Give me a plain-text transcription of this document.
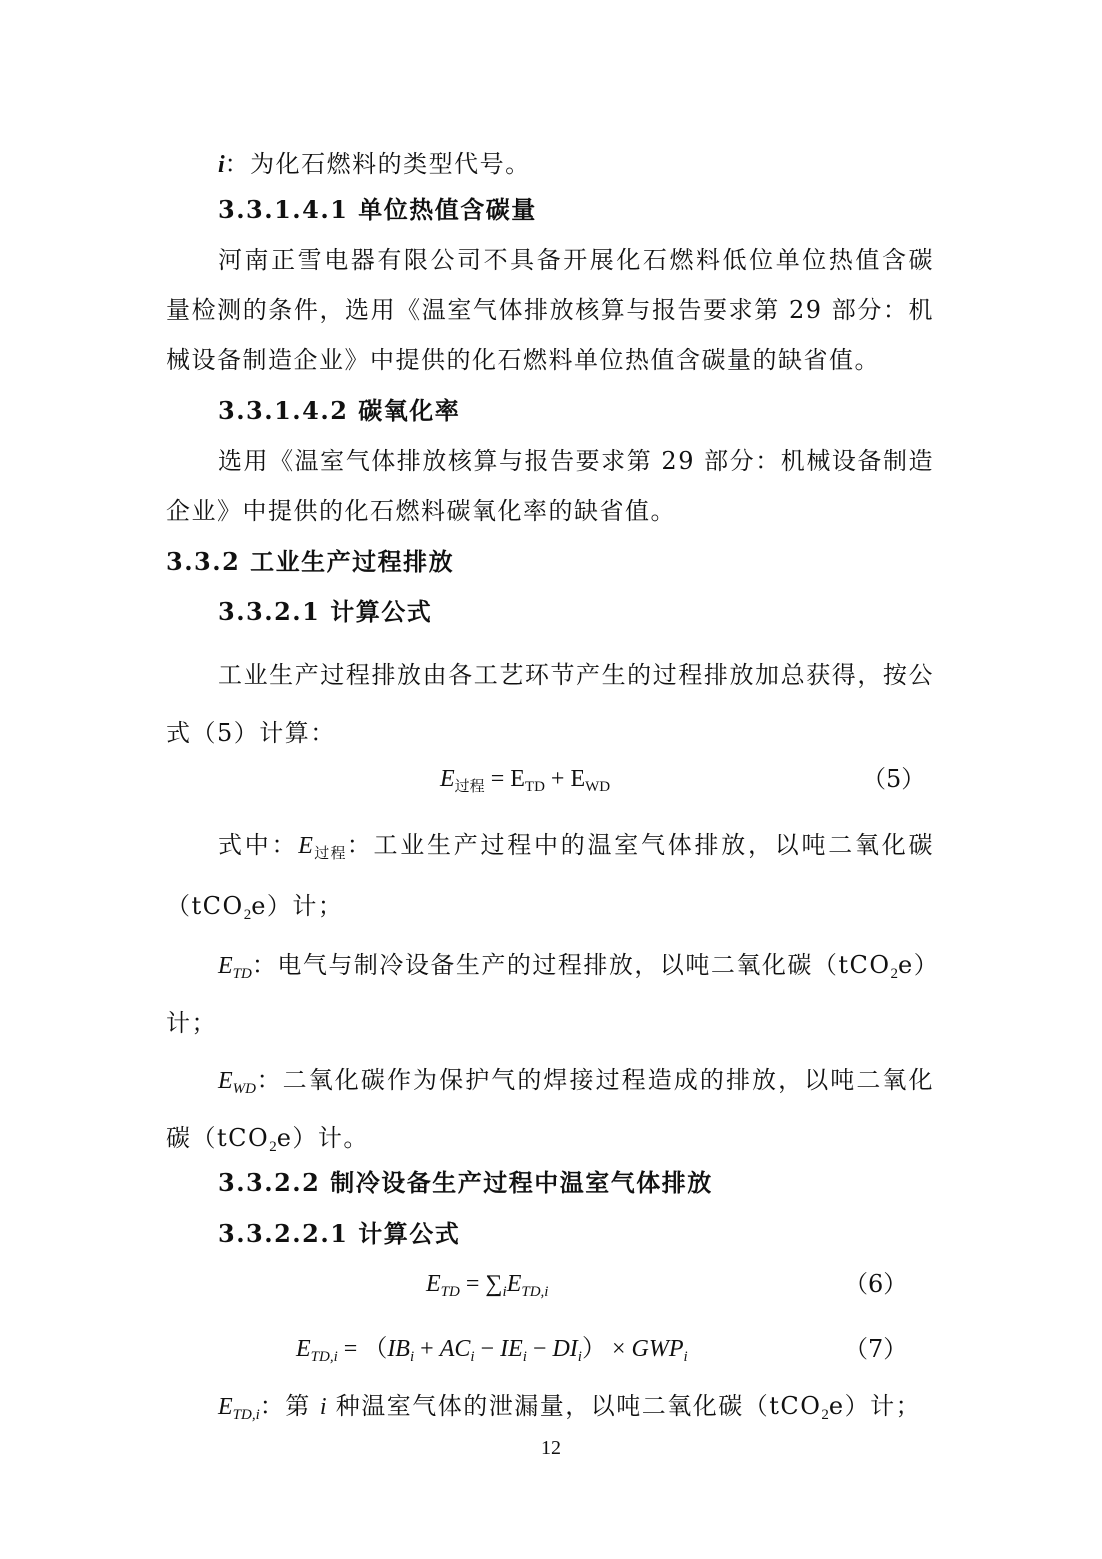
i：为化石燃料的类型代号。
3.3.1.4.1 单位热值含碳量
河南正雪电器有限公司不具备开展化石燃料低位单位热值含碳
量检测的条件，选用《温室气体排放核算与报告要求第 29 部分：机
械设备制造企业》中提供的化石燃料单位热值含碳量的缺省值。
3.3.1.4.2 碳氧化率
选用《温室气体排放核算与报告要求第 29 部分：机械设备制造
企业》中提供的化石燃料碳氧化率的缺省值。
3.3.2 工业生产过程排放
3.3.2.1 计算公式
工业生产过程排放由各工艺环节产生的过程排放加总获得，按公
式（5）计算：
$E_{过程} = E_{TD} + E_{WD}$	（5）
式中：$E_{过程}$：工业生产过程中的温室气体排放，以吨二氧化碳
（tCO$_2$e）计；
$E_{TD}$：电气与制冷设备生产的过程排放，以吨二氧化碳（tCO$_2$e）
计；
$E_{WD}$：二氧化碳作为保护气的焊接过程造成的排放，以吨二氧化
碳（tCO$_2$e）计。
3.3.2.2 制冷设备生产过程中温室气体排放
3.3.2.2.1 计算公式
$E_{TD} = \sum_iE_{TD,i}$	（6）
$E_{TD,i} = (IB_i + AC_i - IE_i - DI_i) \times GWP_i$	（7）
$E_{TD,i}$：第 i 种温室气体的泄漏量，以吨二氧化碳（tCO$_2$e）计；
12
